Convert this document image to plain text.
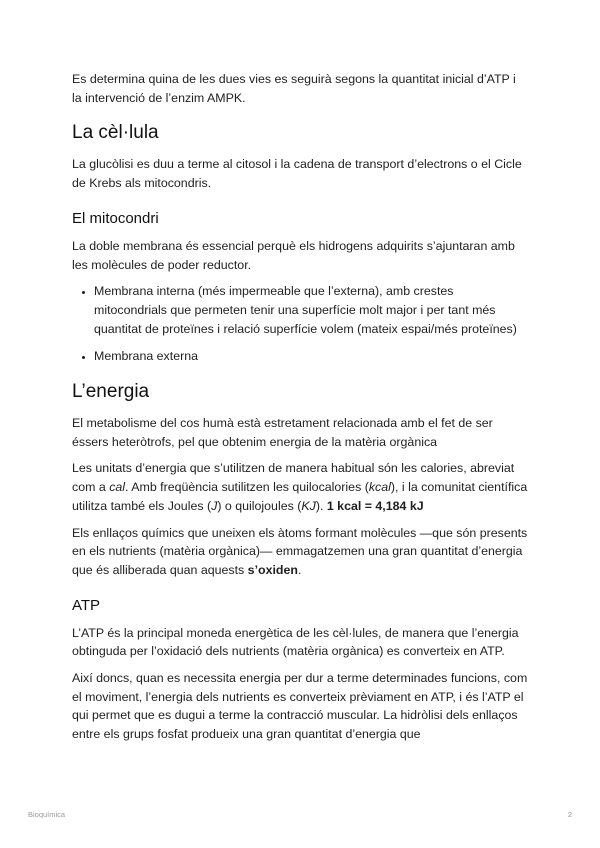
Es determina quina de les dues vies es seguirà segons la quantitat inicial d’ATP i la intervenció de l’enzim AMPK.

La cèl·lula

La glucòlisi es duu a terme al citosol i la cadena de transport d’electrons o el Cicle de Krebs als mitocondris.

El mitocondri

La doble membrana és essencial perquè els hidrogens adquirits s’ajuntaran amb les molècules de poder reductor.

• Membrana interna (més impermeable que l’externa), amb crestes mitocondrials que permeten tenir una superfície molt major i per tant més quantitat de proteïnes i relació superfície volem (mateix espai/més proteïnes)
• Membrana externa
L’energia

El metabolisme del cos humà està estretament relacionada amb el fet de ser éssers heteròtrofs, pel que obtenim energia de la matèria orgànica

Les unitats d’energia que s’utilitzen de manera habitual són les calories, abreviat com a cal. Amb freqüència sutilitzen les quilocalories (kcal), i la comunitat científica utilitza també els Joules (J) o quilojoules (KJ). 1 kcal = 4,184 kJ

Els enllaços químics que uneixen els àtoms formant molècules —que són presents en els nutrients (matèria orgànica)— emmagatzemen una gran quantitat d’energia que és alliberada quan aquests s’oxiden.

ATP

L’ATP és la principal moneda energètica de les cèl·lules, de manera que l’energia obtinguda per l’oxidació dels nutrients (matèria orgànica) es converteix en ATP.

Així doncs, quan es necessita energia per dur a terme determinades funcions, com el moviment, l’energia dels nutrients es converteix prèviament en ATP, i és l’ATP el qui permet que es dugui a terme la contracció muscular. La hidròlisi dels enllaços entre els grups fosfat produeix una gran quantitat d’energia que

Bioquímica	2
